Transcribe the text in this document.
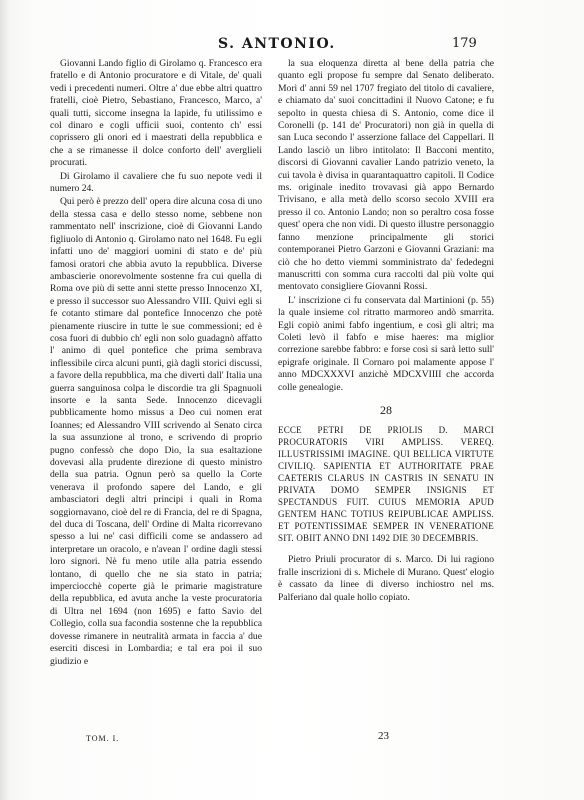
S. ANTONIO.	179

Giovanni Lando figlio di Girolamo q. Francesco era fratello e di Antonio procuratore e di Vitale, de' quali vedi i precedenti numeri. Oltre a' due ebbe altri quattro fratelli, cioè Pietro, Sebastiano, Francesco, Marco, a' quali tutti, siccome insegna la lapide, fu utilissimo e col dinaro e cogli ufficii suoi, contento ch' essi coprissero gli onori ed i maestrati della repubblica e che a se rimanesse il dolce conforto dell' averglieli procurati.

Di Girolamo il cavaliere che fu suo nepote vedi il numero 24.

Qui però è prezzo dell' opera dire alcuna cosa di uno della stessa casa e dello stesso nome, sebbene non rammentato nell' inscrizione, cioè di Giovanni Lando figliuolo di Antonio q. Girolamo nato nel 1648. Fu egli infatti uno de' maggiori uomini di stato e de' più famosi oratori che abbia avuto la repubblica. Diverse ambascierie onorevolmente sostenne fra cui quella di Roma ove più di sette anni stette presso Innocenzo XI, e presso il successor suo Alessandro VIII. Quivi egli si fe cotanto stimare dal pontefice Innocenzo che potè pienamente riuscire in tutte le sue commessioni; ed è cosa fuori di dubbio ch' egli non solo guadagnò affatto l' animo di quel pontefice che prima sembrava inflessibile circa alcuni punti, già dagli storici discussi, a favore della repubblica, ma che divertì dall' Italia una guerra sanguinosa colpa le discordie tra gli Spagnuoli insorte e la santa Sede. Innocenzo dicevagli pubblicamente homo missus a Deo cui nomen erat Ioannes; ed Alessandro VIII scrivendo al Senato circa la sua assunzione al trono, e scrivendo di proprio pugno confessò che dopo Dio, la sua esaltazione dovevasi alla prudente direzione di questo ministro della sua patria. Ognun però sa quello la Corte venerava il profondo sapere del Lando, e gli ambasciatori degli altri principi i quali in Roma soggiornavano, cioè del re di Francia, del re di Spagna, del duca di Toscana, dell' Ordine di Malta ricorrevano spesso a lui ne' casi difficili come se andassero ad interpretare un oracolo, e n'avean l' ordine dagli stessi loro signori. Nè fu meno utile alla patria essendo lontano, di quello che ne sia stato in patria; imperciocchè coperte già le primarie magistrature della repubblica, ed avuta anche la veste procuratoria di Ultra nel 1694 (non 1695) e fatto Savio del Collegio, colla sua facondia sostenne che la repubblica dovesse rimanere in neutralità armata in faccia a' due eserciti discesi in Lombardia; e tal era poi il suo giudizio e

la sua eloquenza diretta al bene della patria che quanto egli propose fu sempre dal Senato deliberato. Morì d' anni 59 nel 1707 fregiato del titolo di cavaliere, e chiamato da' suoi concittadini il Nuovo Catone; e fu sepolto in questa chiesa di S. Antonio, come dice il Coronelli (p. 141 de' Procuratori) non già in quella di san Luca secondo l' asserzione fallace del Cappellari. Il Lando lasciò un libro intitolato: Il Bacconi mentito, discorsi di Giovanni cavalier Lando patrizio veneto, la cui tavola è divisa in quarantaquattro capitoli. Il Codice ms. originale inedito trovavasi già appo Bernardo Trivisano, e alla metà dello scorso secolo XVIII era presso il co. Antonio Lando; non so peraltro cosa fosse quest' opera che non vidi. Di questo illustre personaggio fanno menzione principalmente gli storici contemporanei Pietro Garzoni e Giovanni Graziani: ma ciò che ho detto viemmi somministrato da' fededegni manuscritti con somma cura raccolti dal più volte qui mentovato consigliere Giovanni Rossi.

L' inscrizione ci fu conservata dal Martinioni (p. 55) la quale insieme col ritratto marmoreo andò smarrita. Egli copiò animi fabfo ingentium, e così gli altri; ma Coleti levò il fabfo e mise haeres: ma miglior correzione sarebbe fabbro: e forse così si sarà letto sull' epigrafe originale. Il Cornaro poi malamente appose l' anno MDCXXXVI anzichè MDCXVIIII che accorda colle genealogie.

28
ECCE PETRI DE PRIOLIS D. MARCI PROCURATORIS VIRI AMPLISS. VEREQ. ILLUSTRISSIMI IMAGINE. QUI BELLICA VIRTUTE CIVILIQ. SAPIENTIA ET AUTHORITATE PRAE CAETERIS CLARUS IN CASTRIS IN SENATU IN PRIVATA DOMO SEMPER INSIGNIS ET SPECTANDUS FUIT. CUIUS MEMORIA APUD GENTEM HANC TOTIUS REIPUBLICAE AMPLISS. ET POTENTISSIMAE SEMPER IN VENERATIONE SIT. OBIIT ANNO DNI 1492 DIE 30 DECEMBRIS.

Pietro Priuli procurator di s. Marco. Di lui ragiono fralle inscrizioni di s. Michele di Murano. Quest' elogio è cassato da linee di diverso inchiostro nel ms. Palferiano dal quale hollo copiato.

TOM. I.	23
